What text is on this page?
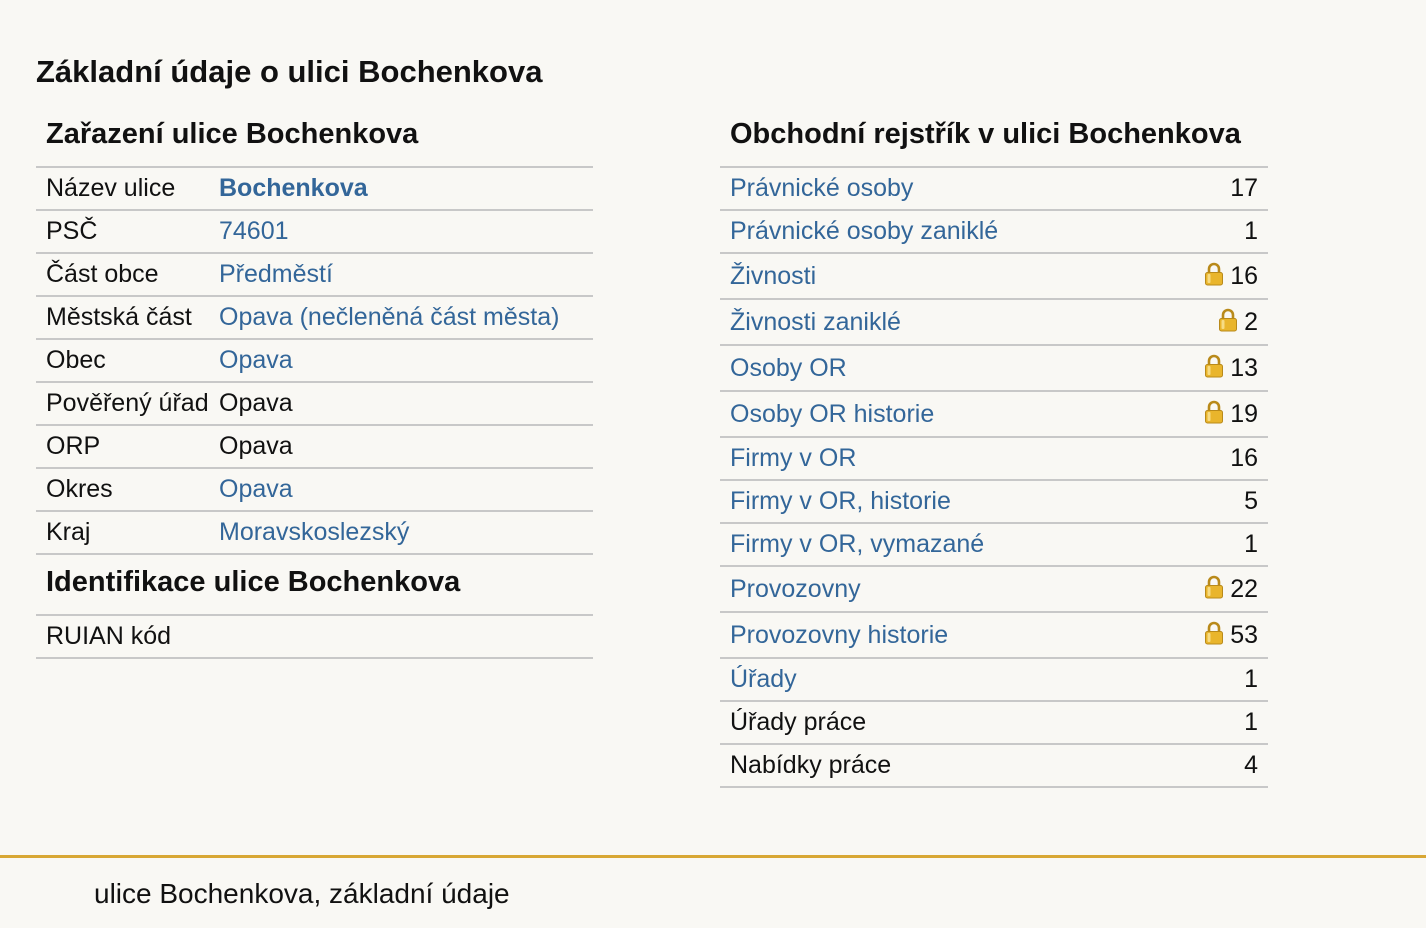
Základní údaje o ulici Bochenkova
Zařazení ulice Bochenkova
Název ulice	Bochenkova
PSČ	74601
Část obce	Předměstí
Městská část	Opava (nečleněná část města)
Obec	Opava
Pověřený úřad	Opava
ORP	Opava
Okres	Opava
Kraj	Moravskoslezský
Identifikace ulice Bochenkova
RUIAN kód	
Obchodní rejstřík v ulici Bochenkova
Právnické osoby	17
Právnické osoby zaniklé	1
Živnosti	16
Živnosti zaniklé	2
Osoby OR	13
Osoby OR historie	19
Firmy v OR	16
Firmy v OR, historie	5
Firmy v OR, vymazané	1
Provozovny	22
Provozovny historie	53
Úřady	1
Úřady práce	1
Nabídky práce	4

ulice Bochenkova, základní údaje
